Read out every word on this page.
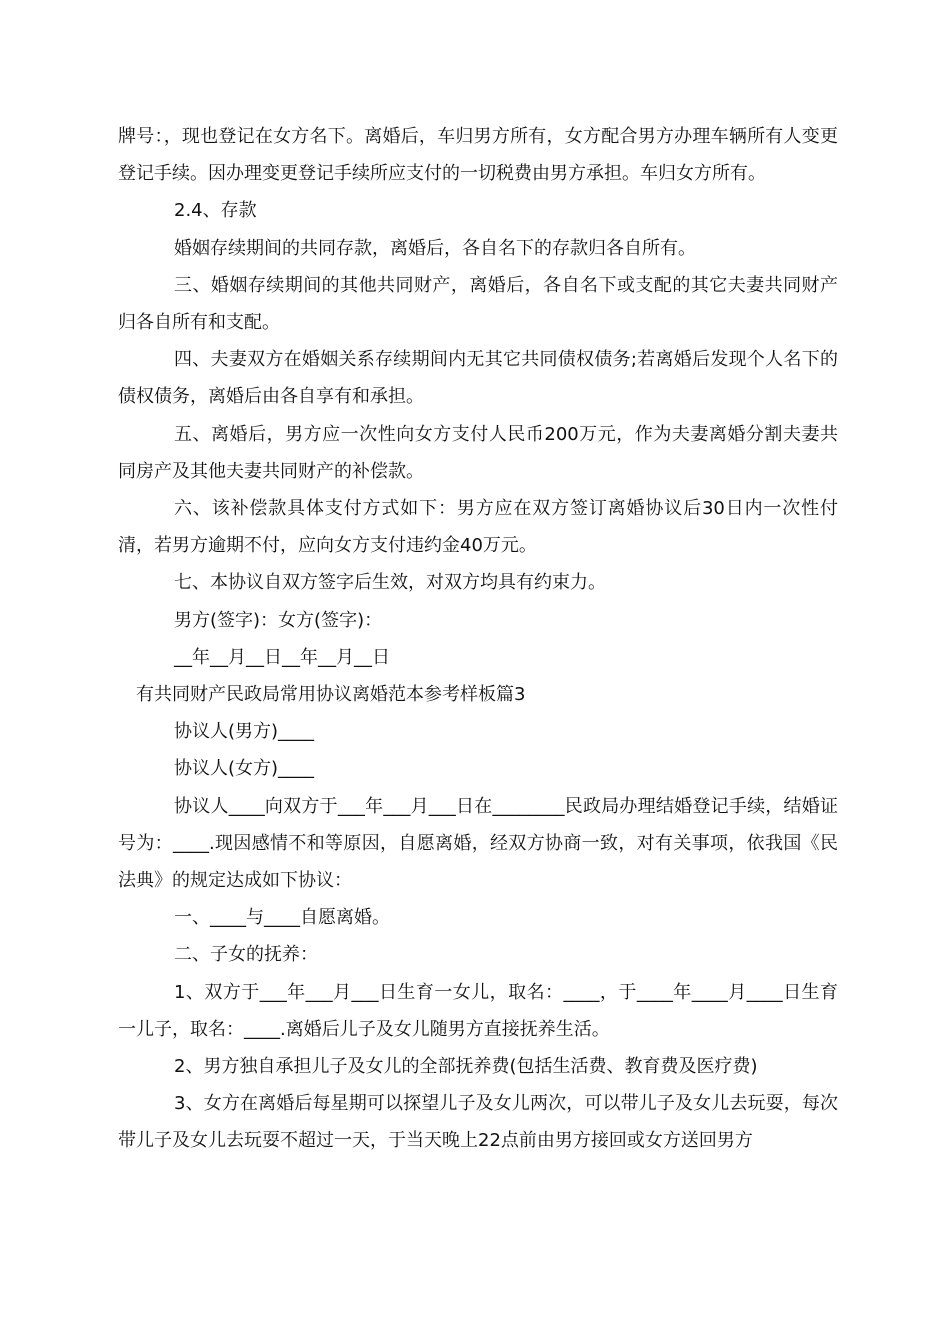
牌号：，现也登记在女方名下。离婚后，车归男方所有，女方配合男方办理车辆所有人变更登记手续。因办理变更登记手续所应支付的一切税费由男方承担。车归女方所有。

2.4、存款

婚姻存续期间的共同存款，离婚后，各自名下的存款归各自所有。

三、婚姻存续期间的其他共同财产，离婚后，各自名下或支配的其它夫妻共同财产归各自所有和支配。

四、夫妻双方在婚姻关系存续期间内无其它共同债权债务;若离婚后发现个人名下的债权债务，离婚后由各自享有和承担。

五、离婚后，男方应一次性向女方支付人民币200万元，作为夫妻离婚分割夫妻共同房产及其他夫妻共同财产的补偿款。

六、该补偿款具体支付方式如下：男方应在双方签订离婚协议后30日内一次性付清，若男方逾期不付，应向女方支付违约金40万元。

七、本协议自双方签字后生效，对双方均具有约束力。

男方(签字)：女方(签字)：

__年__月__日__年__月__日

有共同财产民政局常用协议离婚范本参考样板篇3

协议人(男方)____

协议人(女方)____

协议人____向双方于___年___月___日在________民政局办理结婚登记手续，结婚证号为：____.现因感情不和等原因，自愿离婚，经双方协商一致，对有关事项，依我国《民法典》的规定达成如下协议：

一、____与____自愿离婚。

二、子女的抚养：

1、双方于___年___月___日生育一女儿，取名：____，于____年____月____日生育一儿子，取名：____.离婚后儿子及女儿随男方直接抚养生活。

2、男方独自承担儿子及女儿的全部抚养费(包括生活费、教育费及医疗费)

3、女方在离婚后每星期可以探望儿子及女儿两次，可以带儿子及女儿去玩耍，每次带儿子及女儿去玩耍不超过一天，于当天晚上22点前由男方接回或女方送回男方
